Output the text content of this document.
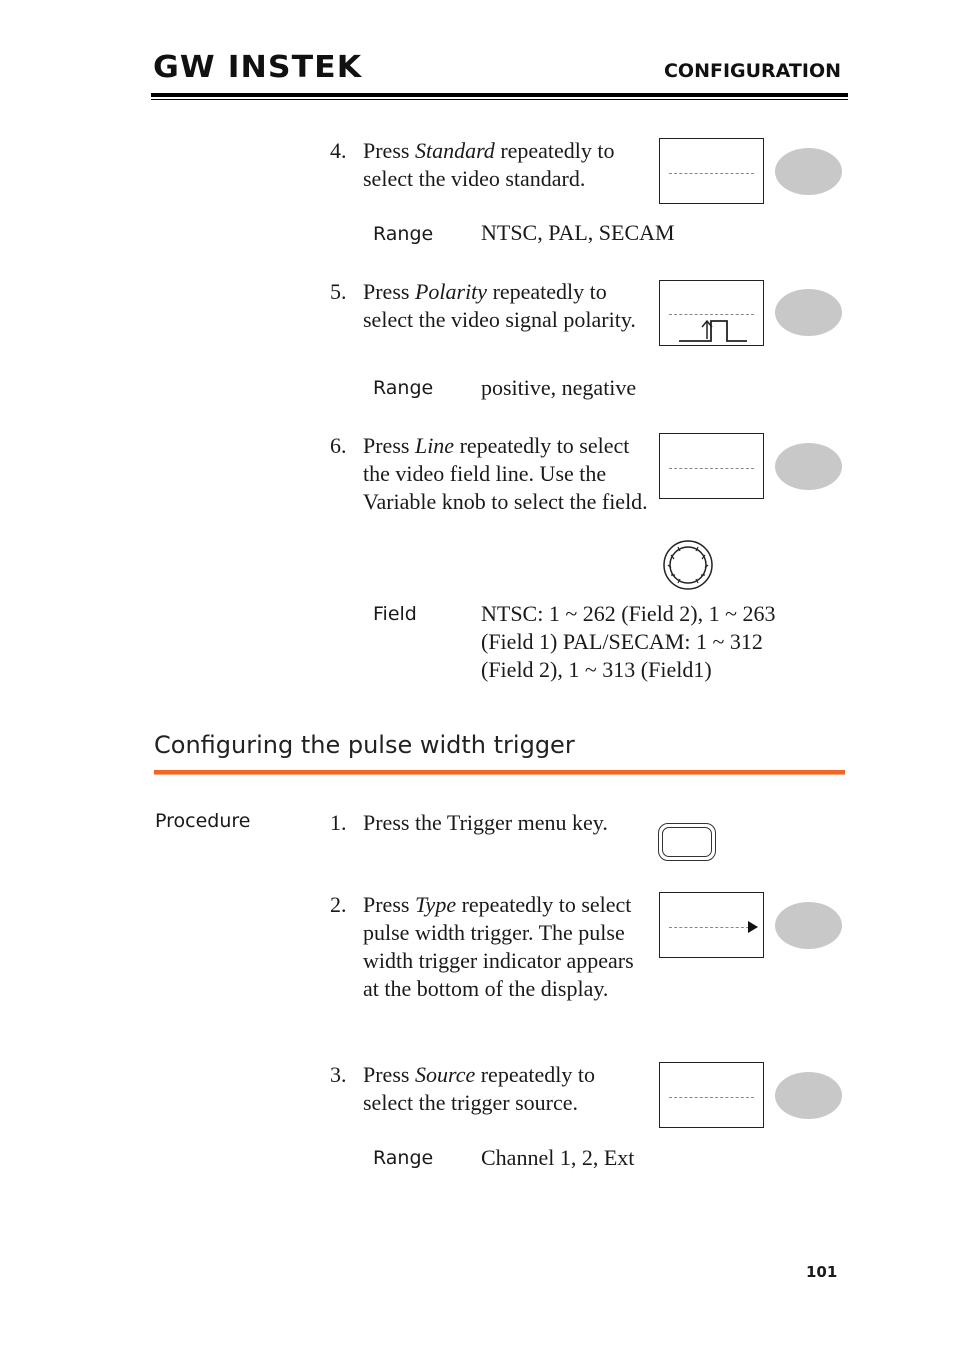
GW INSTEK	CONFIGURATION
4. Press Standard repeatedly to select the video standard.
Range NTSC, PAL, SECAM
5. Press Polarity repeatedly to select the video signal polarity.
Range positive, negative
6. Press Line repeatedly to select the video field line. Use the Variable knob to select the field.
Field	NTSC: 1 ~ 262 (Field 2), 1 ~ 263 (Field 1) PAL/SECAM: 1 ~ 312 (Field 2), 1 ~ 313 (Field1)
Configuring the pulse width trigger
Procedure	1. Press the Trigger menu key.
2. Press Type repeatedly to select pulse width trigger. The pulse width trigger indicator appears at the bottom of the display.
3. Press Source repeatedly to select the trigger source.
Range Channel 1, 2, Ext
101
